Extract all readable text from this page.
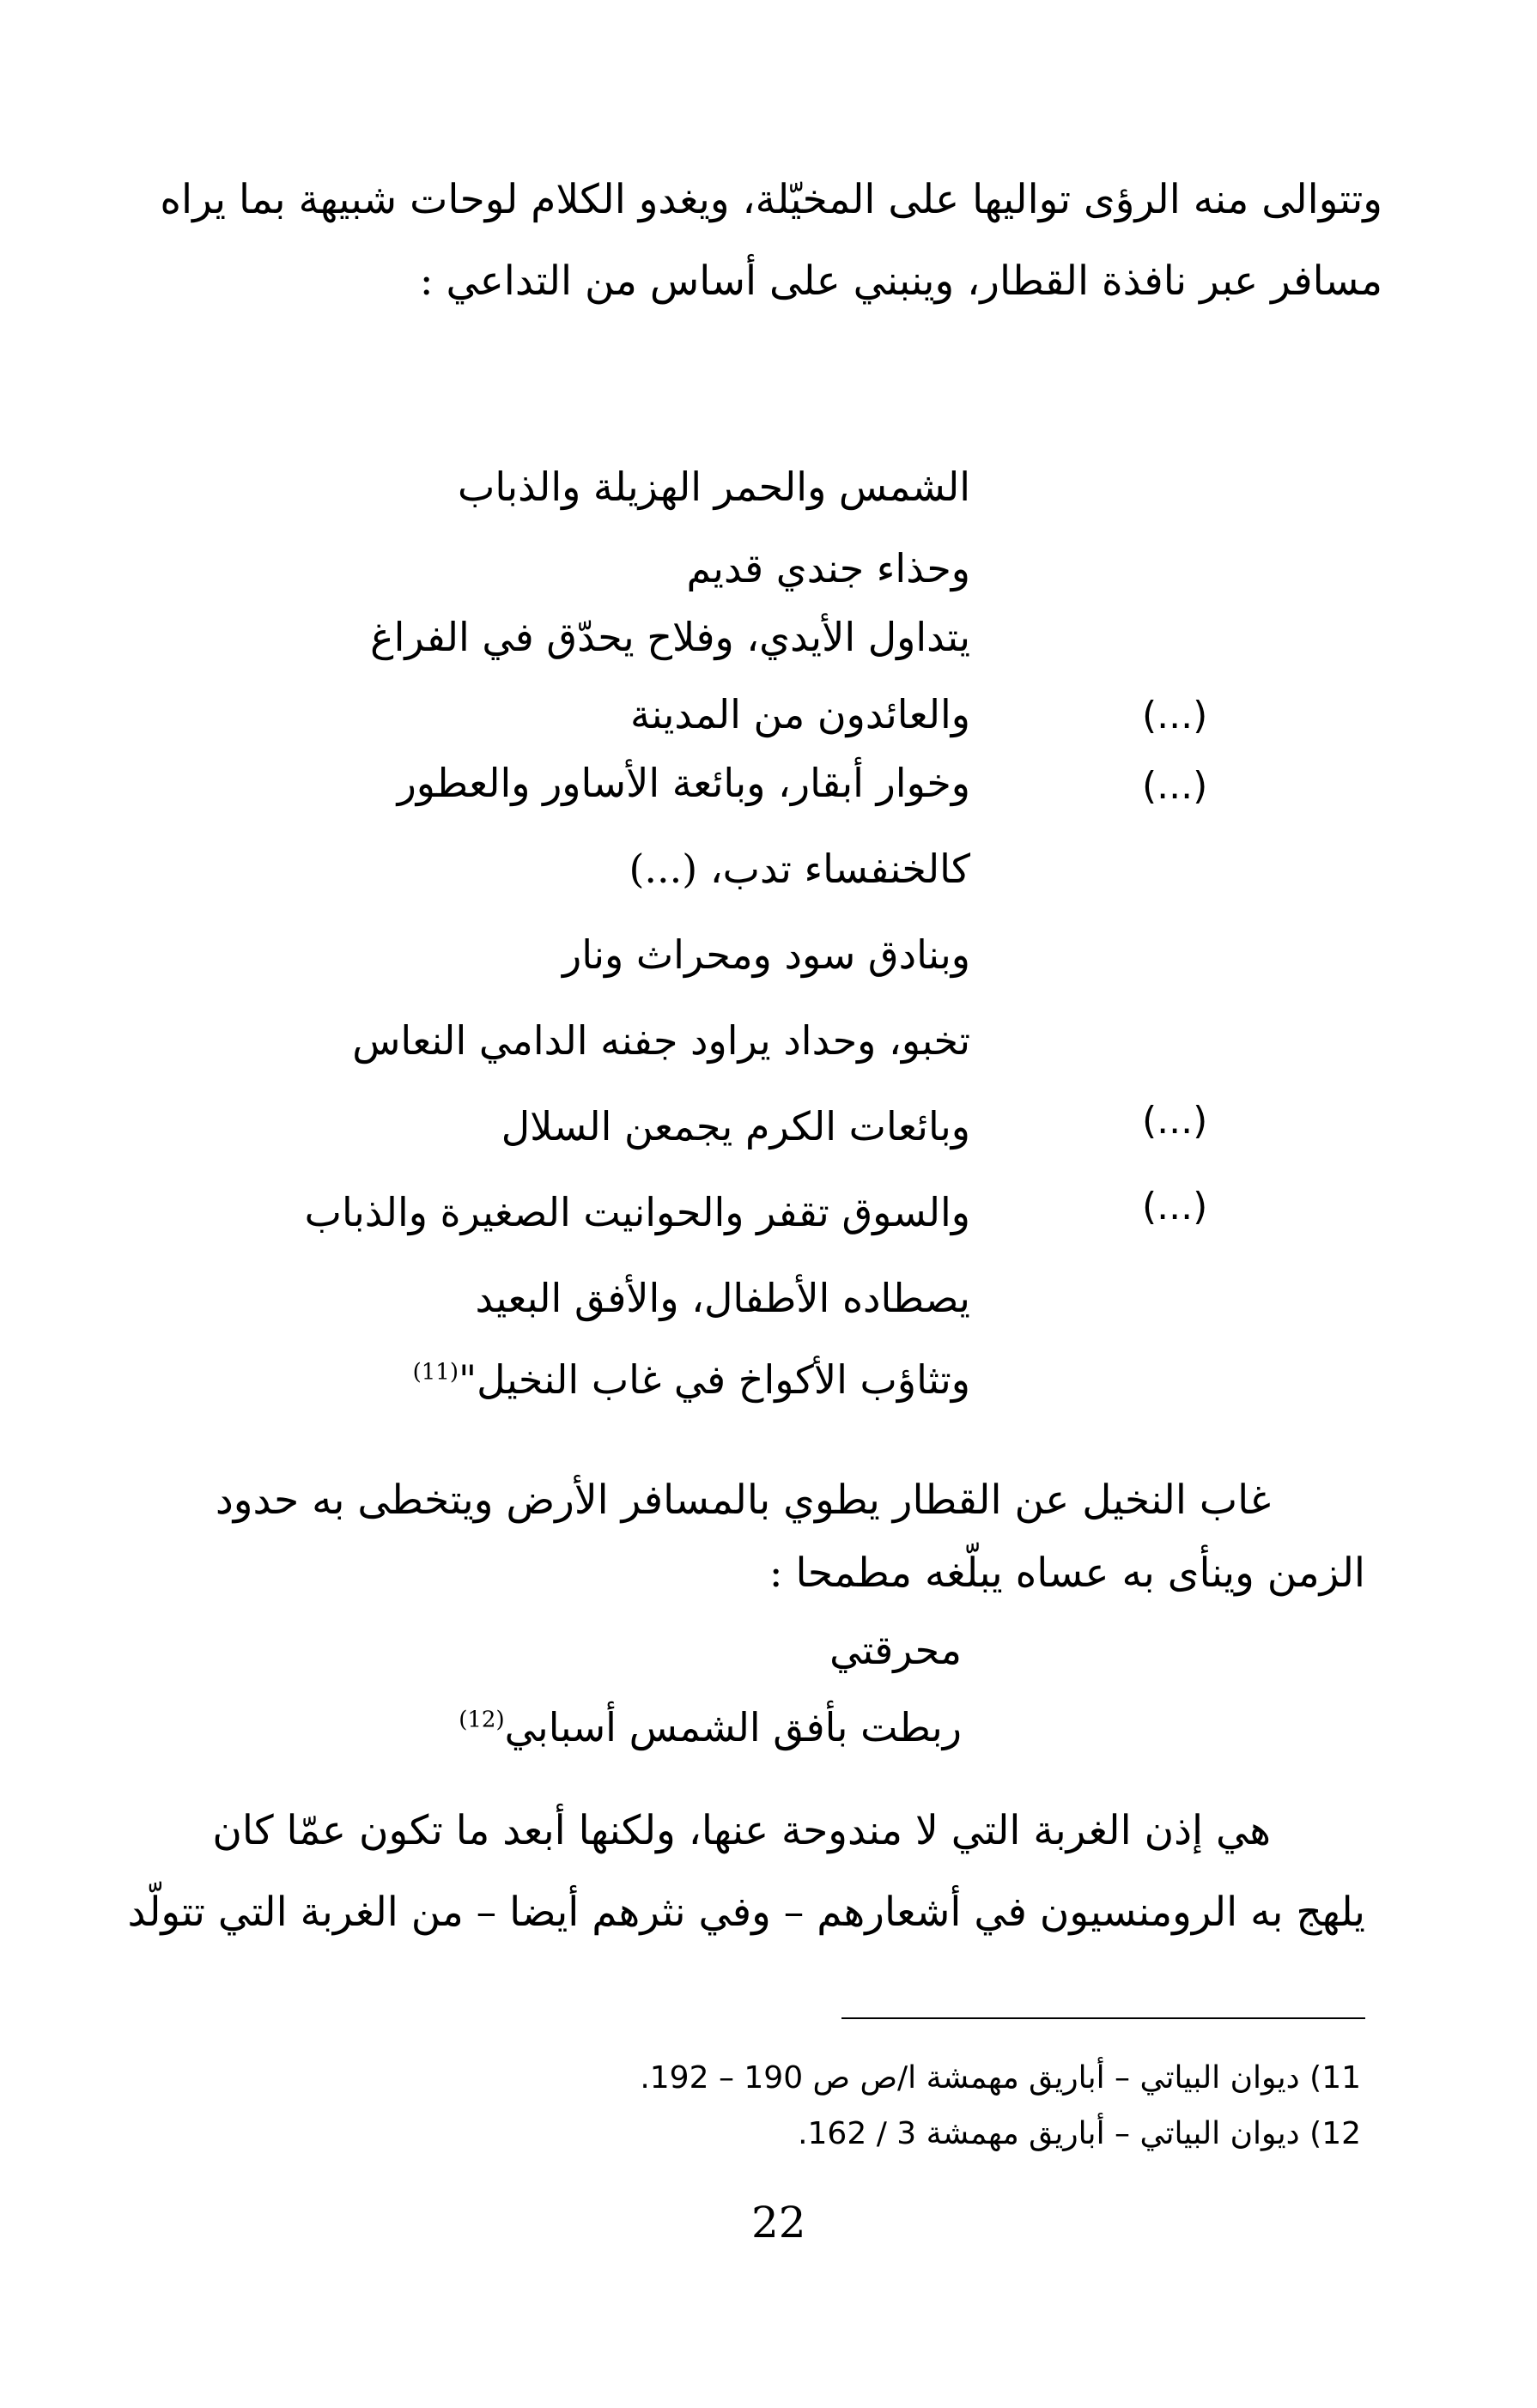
وتتوالى منه الرؤى تواليها على المخيّلة، ويغدو الكلام لوحات شبيهة بما يراه
مسافر عبر نافذة القطار، وينبني على أساس من التداعي :
الشمس والحمر الهزيلة والذباب
وحذاء جندي قديم
يتداول الأيدي، وفلاح يحدّق في الفراغ
والعائدون من المدينة	(...)
وخوار أبقار، وبائعة الأساور والعطور	(...)
كالخنفساء تدب، (...)
وبنادق سود ومحراث ونار
تخبو، وحداد يراود جفنه الدامي النعاس
وبائعات الكرم يجمعن السلال	(...)
والسوق تقفر والحوانيت الصغيرة والذباب	(...)
يصطاده الأطفال، والأفق البعيد
وتثاؤب الأكواخ في غاب النخيل"$^{(11)}$
غاب النخيل عن القطار يطوي بالمسافر الأرض ويتخطى به حدود
الزمن وينأى به عساه يبلّغه مطمحا :
محرقتي
ربطت بأفق الشمس أسبابي$^{(12)}$
هي إذن الغربة التي لا مندوحة عنها، ولكنها أبعد ما تكون عمّا كان
يلهج به الرومنسيون في أشعارهم – وفي نثرهم أيضا – من الغربة التي تتولّد
11) ديوان البياتي – أباريق مهمشة ا/ص ص 190 – 192.
12) ديوان البياتي – أباريق مهمشة 3 / 162.
22
